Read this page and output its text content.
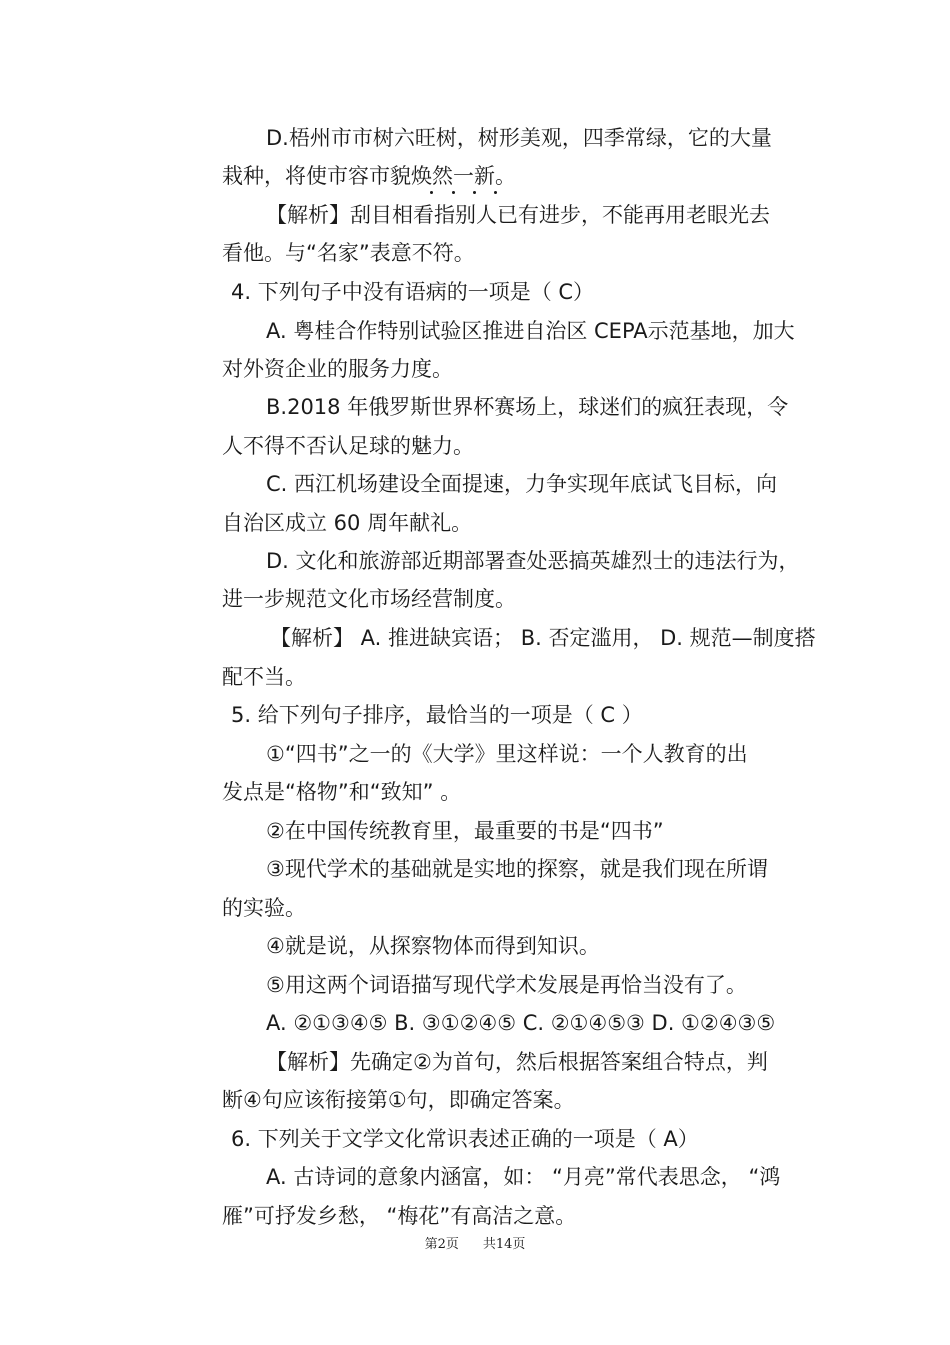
D.梧州市市树六旺树，树形美观，四季常绿，它的大量
栽种，将使市容市貌焕然一新。
【解析】刮目相看指别人已有进步，不能再用老眼光去
看他。与“名家”表意不符。
4. 下列句子中没有语病的一项是（ C）
A. 粤桂合作特别试验区推进自治区 CEPA示范基地，加大
对外资企业的服务力度。
B.2018 年俄罗斯世界杯赛场上，球迷们的疯狂表现，令
人不得不否认足球的魅力。
C. 西江机场建设全面提速，力争实现年底试飞目标，向
自治区成立 60 周年献礼。
D. 文化和旅游部近期部署查处恶搞英雄烈士的违法行为，
进一步规范文化市场经营制度。
【解析】 A. 推进缺宾语； B. 否定滥用， D. 规范—制度搭
配不当。
5. 给下列句子排序，最恰当的一项是（ C ）
①“四书”之一的《大学》里这样说：一个人教育的出
发点是“格物”和“致知” 。
②在中国传统教育里，最重要的书是“四书”
③现代学术的基础就是实地的探察，就是我们现在所谓
的实验。
④就是说，从探察物体而得到知识。
⑤用这两个词语描写现代学术发展是再恰当没有了。
A. ②①③④⑤ B. ③①②④⑤ C. ②①④⑤③ D. ①②④③⑤
【解析】先确定②为首句，然后根据答案组合特点，判
断④句应该衔接第①句，即确定答案。
6. 下列关于文学文化常识表述正确的一项是（ A）
A. 古诗词的意象内涵富，如： “月亮”常代表思念， “鸿
雁”可抒发乡愁， “梅花”有高洁之意。
第2页 共14页
